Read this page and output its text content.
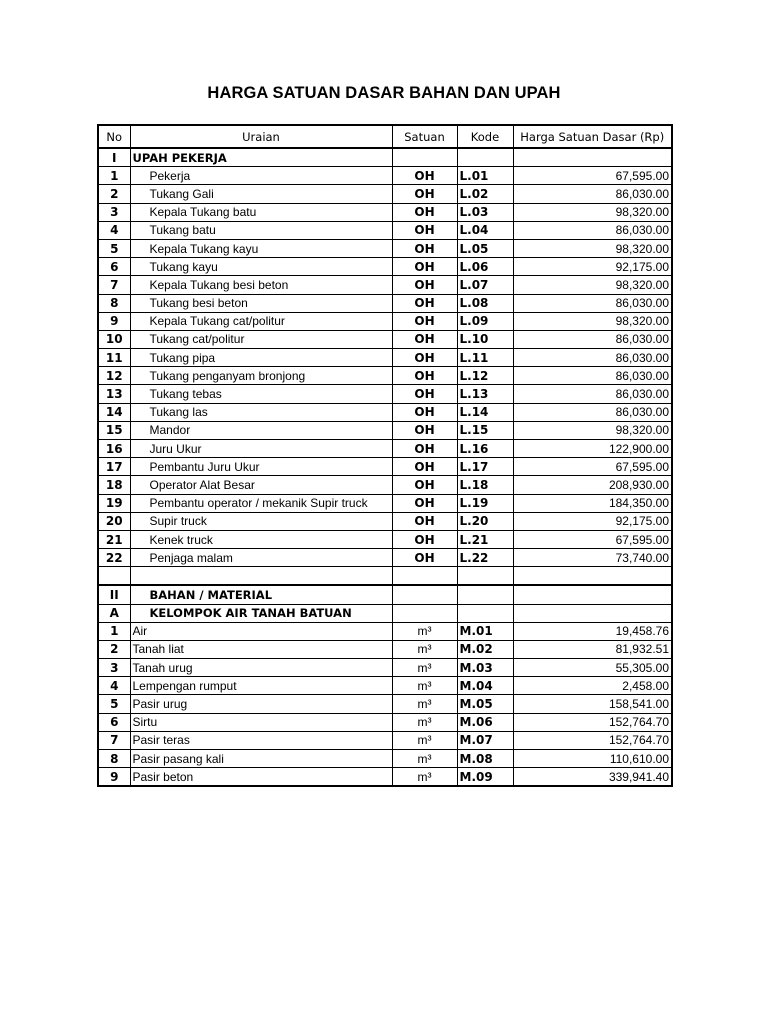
HARGA SATUAN DASAR BAHAN DAN UPAH
No	Uraian	Satuan	Kode	Harga Satuan Dasar (Rp)
I	UPAH PEKERJA			
1	Pekerja	OH	L.01	67,595.00
2	Tukang Gali	OH	L.02	86,030.00
3	Kepala Tukang batu	OH	L.03	98,320.00
4	Tukang batu	OH	L.04	86,030.00
5	Kepala Tukang kayu	OH	L.05	98,320.00
6	Tukang kayu	OH	L.06	92,175.00
7	Kepala Tukang besi beton	OH	L.07	98,320.00
8	Tukang besi beton	OH	L.08	86,030.00
9	Kepala Tukang cat/politur	OH	L.09	98,320.00
10	Tukang cat/politur	OH	L.10	86,030.00
11	Tukang pipa	OH	L.11	86,030.00
12	Tukang penganyam bronjong	OH	L.12	86,030.00
13	Tukang tebas	OH	L.13	86,030.00
14	Tukang las	OH	L.14	86,030.00
15	Mandor	OH	L.15	98,320.00
16	Juru Ukur	OH	L.16	122,900.00
17	Pembantu Juru Ukur	OH	L.17	67,595.00
18	Operator Alat Besar	OH	L.18	208,930.00
19	Pembantu operator / mekanik Supir truck	OH	L.19	184,350.00
20	Supir truck	OH	L.20	92,175.00
21	Kenek truck	OH	L.21	67,595.00
22	Penjaga malam	OH	L.22	73,740.00

II	BAHAN / MATERIAL			
A	KELOMPOK AIR TANAH BATUAN			
1	Air	m³	M.01	19,458.76
2	Tanah liat	m³	M.02	81,932.51
3	Tanah urug	m³	M.03	55,305.00
4	Lempengan rumput	m³	M.04	2,458.00
5	Pasir urug	m³	M.05	158,541.00
6	Sirtu	m³	M.06	152,764.70
7	Pasir teras	m³	M.07	152,764.70
8	Pasir pasang kali	m³	M.08	110,610.00
9	Pasir beton	m³	M.09	339,941.40
